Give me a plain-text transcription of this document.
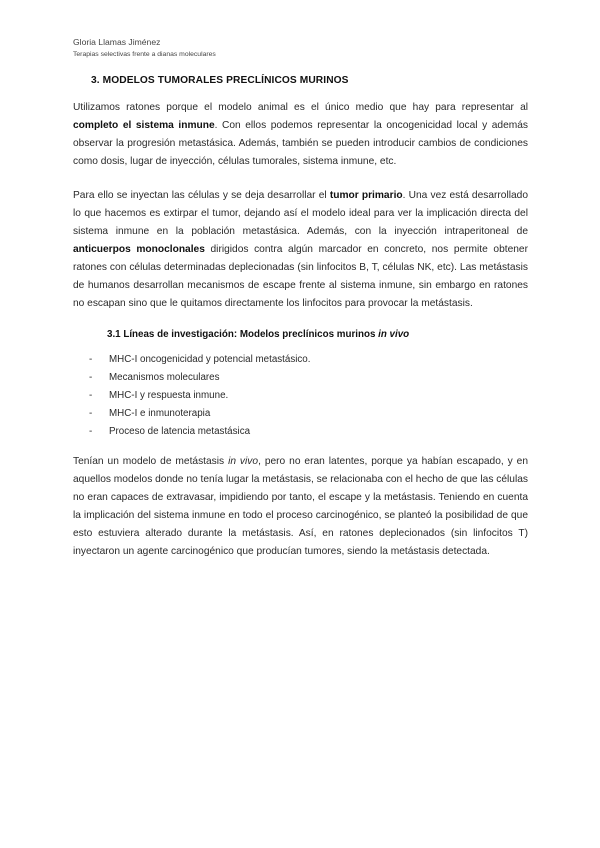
Gloria Llamas Jiménez
Terapias selectivas frente a dianas moleculares
3. MODELOS TUMORALES PRECLÍNICOS MURINOS

Utilizamos ratones porque el modelo animal es el único medio que hay para representar al completo el sistema inmune. Con ellos podemos representar la oncogenicidad local y además observar la progresión metastásica. Además, también se pueden introducir cambios de condiciones como dosis, lugar de inyección, células tumorales, sistema inmune, etc.

Para ello se inyectan las células y se deja desarrollar el tumor primario. Una vez está desarrollado lo que hacemos es extirpar el tumor, dejando así el modelo ideal para ver la implicación directa del sistema inmune en la población metastásica. Además, con la inyección intraperitoneal de anticuerpos monoclonales dirigidos contra algún marcador en concreto, nos permite obtener ratones con células determinadas deplecionadas (sin linfocitos B, T, células NK, etc). Las metástasis de humanos desarrollan mecanismos de escape frente al sistema inmune, sin embargo en ratones no escapan sino que le quitamos directamente los linfocitos para provocar la metástasis.

3.1 Líneas de investigación: Modelos preclínicos murinos in vivo
- MHC-I oncogenicidad y potencial metastásico.
- Mecanismos moleculares
- MHC-I y respuesta inmune.
- MHC-I e inmunoterapia
- Proceso de latencia metastásica

Tenían un modelo de metástasis in vivo, pero no eran latentes, porque ya habían escapado, y en aquellos modelos donde no tenía lugar la metástasis, se relacionaba con el hecho de que las células no eran capaces de extravasar, impidiendo por tanto, el escape y la metástasis. Teniendo en cuenta la implicación del sistema inmune en todo el proceso carcinogénico, se planteó la posibilidad de que esto estuviera alterado durante la metástasis. Así, en ratones deplecionados (sin linfocitos T) inyectaron un agente carcinogénico que producían tumores, siendo la metástasis detectada.
